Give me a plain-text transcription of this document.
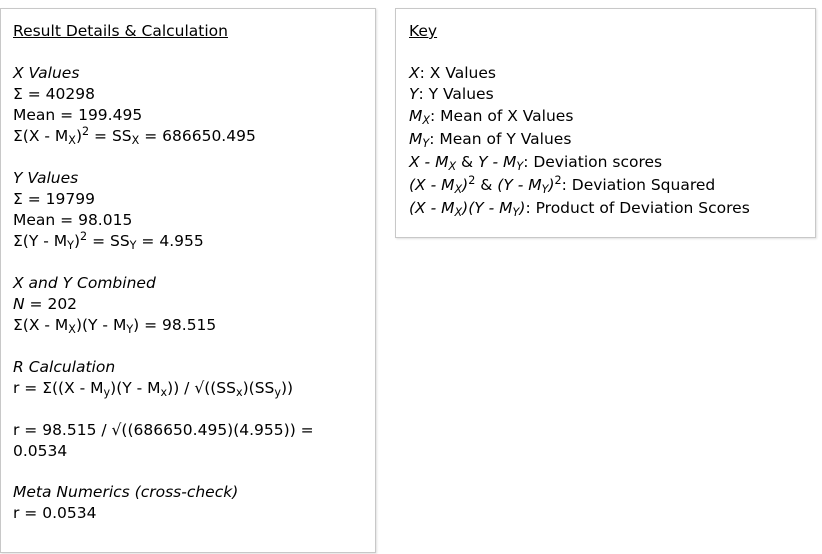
Result Details & Calculation
X Values
Σ = 40298
Mean = 199.495
$\Sigma(X - M_X)^2 = SS_X = 686650.495$
Y Values
Σ = 19799
Mean = 98.015
$\Sigma(Y - M_Y)^2 = SS_Y = 4.955$
X and Y Combined
N = 202
$\Sigma(X - M_X)(Y - M_Y) = 98.515$
R Calculation
$r = \Sigma((X - M_y)(Y - M_x)) / √((SS_x)(SS_y))$
r = 98.515 / √((686650.495)(4.955)) = 0.0534
Meta Numerics (cross-check)
r = 0.0534
Key
X: X Values
Y: Y Values
$M_X$: Mean of X Values
$M_Y$: Mean of Y Values
X - $M_X$ & Y - $M_Y$: Deviation scores
$(X - M_X)^2$ & $(Y - M_Y)^2$: Deviation Squared
$(X - M_X)(Y - M_Y)$: Product of Deviation Scores
